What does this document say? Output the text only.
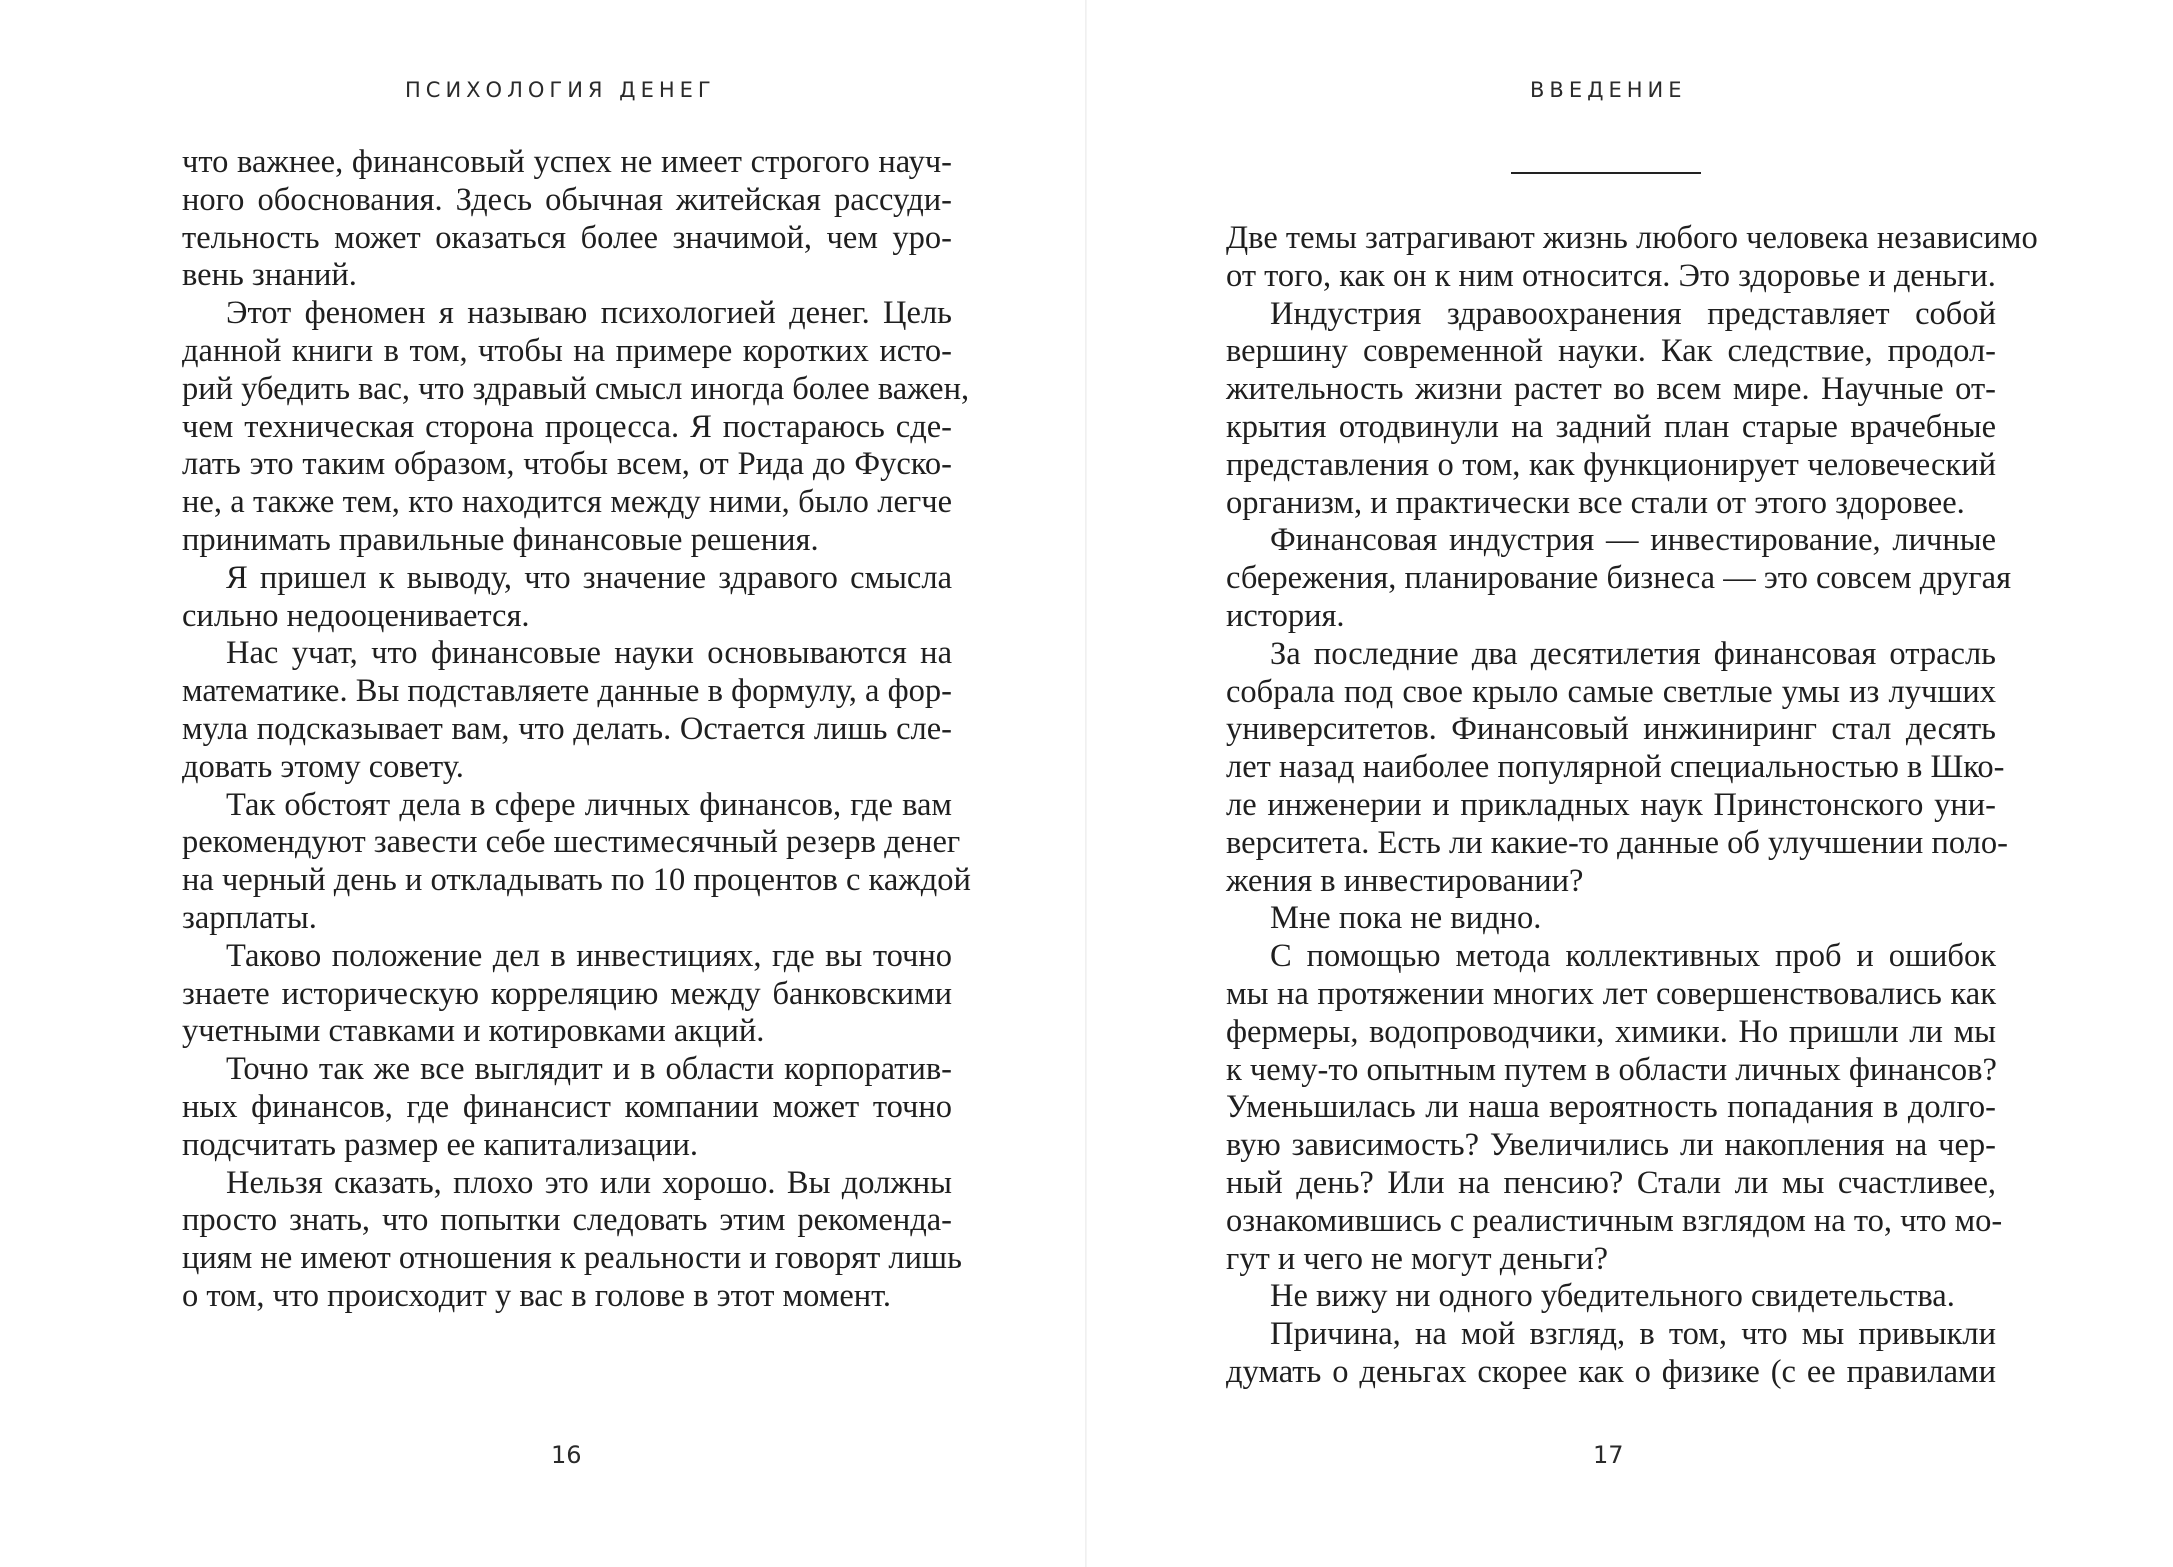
ПСИХОЛОГИЯ ДЕНЕГ
что важнее, финансовый успех не имеет строгого науч-
ного обоснования. Здесь обычная житейская рассуди-
тельность может оказаться более значимой, чем уро-
вень знаний.
Этот феномен я называю психологией денег. Цель
данной книги в том, чтобы на примере коротких исто-
рий убедить вас, что здравый смысл иногда более важен,
чем техническая сторона процесса. Я постараюсь сде-
лать это таким образом, чтобы всем, от Рида до Фуско-
не, а также тем, кто находится между ними, было легче
принимать правильные финансовые решения.
Я пришел к выводу, что значение здравого смысла
сильно недооценивается.
Нас учат, что финансовые науки основываются на
математике. Вы подставляете данные в формулу, а фор-
мула подсказывает вам, что делать. Остается лишь сле-
довать этому совету.
Так обстоят дела в сфере личных финансов, где вам
рекомендуют завести себе шестимесячный резерв денег
на черный день и откладывать по 10 процентов с каждой
зарплаты.
Таково положение дел в инвестициях, где вы точно
знаете историческую корреляцию между банковскими
учетными ставками и котировками акций.
Точно так же все выглядит и в области корпоратив-
ных финансов, где финансист компании может точно
подсчитать размер ее капитализации.
Нельзя сказать, плохо это или хорошо. Вы должны
просто знать, что попытки следовать этим рекоменда-
циям не имеют отношения к реальности и говорят лишь
о том, что происходит у вас в голове в этот момент.
16
ВВЕДЕНИЕ
Две темы затрагивают жизнь любого человека независимо
от того, как он к ним относится. Это здоровье и деньги.
Индустрия здравоохранения представляет собой
вершину современной науки. Как следствие, продол-
жительность жизни растет во всем мире. Научные от-
крытия отодвинули на задний план старые врачебные
представления о том, как функционирует человеческий
организм, и практически все стали от этого здоровее.
Финансовая индустрия — инвестирование, личные
сбережения, планирование бизнеса — это совсем другая
история.
За последние два десятилетия финансовая отрасль
собрала под свое крыло самые светлые умы из лучших
университетов. Финансовый инжиниринг стал десять
лет назад наиболее популярной специальностью в Шко-
ле инженерии и прикладных наук Принстонского уни-
верситета. Есть ли какие-то данные об улучшении поло-
жения в инвестировании?
Мне пока не видно.
С помощью метода коллективных проб и ошибок
мы на протяжении многих лет совершенствовались как
фермеры, водопроводчики, химики. Но пришли ли мы
к чему-то опытным путем в области личных финансов?
Уменьшилась ли наша вероятность попадания в долго-
вую зависимость? Увеличились ли накопления на чер-
ный день? Или на пенсию? Стали ли мы счастливее,
ознакомившись с реалистичным взглядом на то, что мо-
гут и чего не могут деньги?
Не вижу ни одного убедительного свидетельства.
Причина, на мой взгляд, в том, что мы привыкли
думать о деньгах скорее как о физике (с ее правилами
17
